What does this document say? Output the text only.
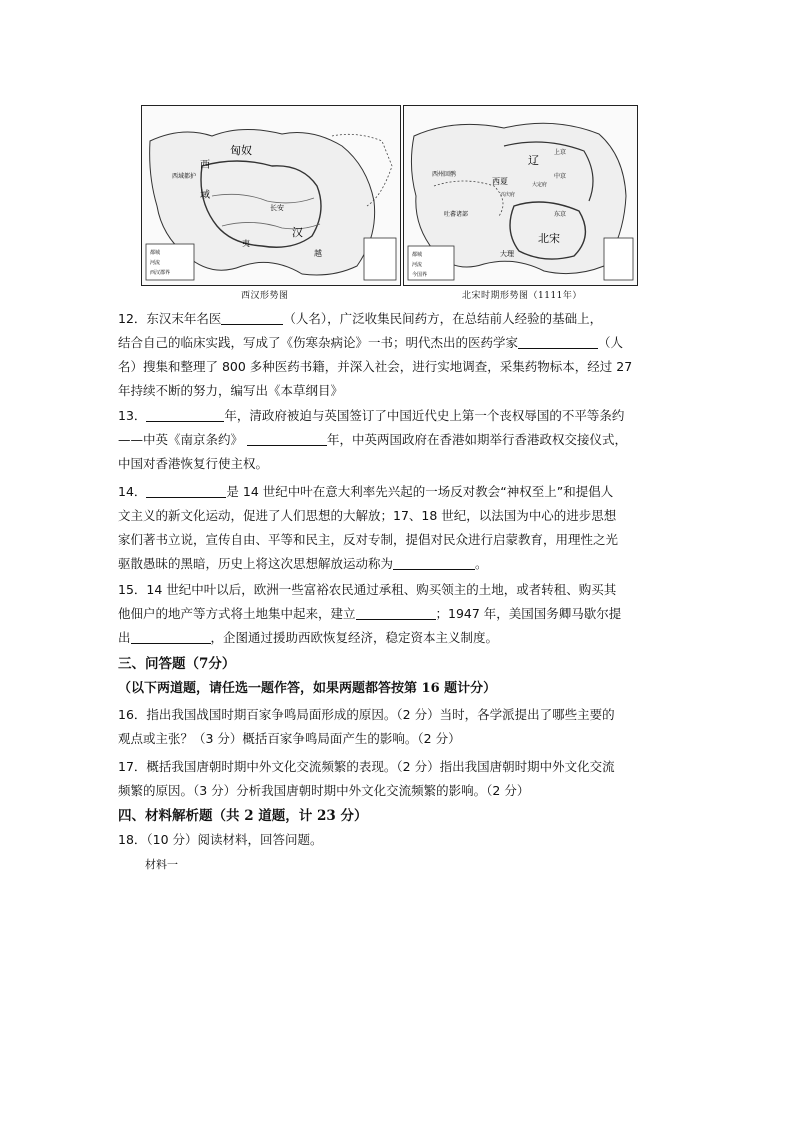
匈奴
西
域
西域都护
长安
汉
夷
越
都城
河流
西汉郡界
辽
上京
中京
大定府
西州回鹘
西夏
兴庆府
吐蕃诸部
北宋
大理
东京
都城
河流
今国界
西汉形势图	北宋时期形势图（1111年）
12．东汉末年名医	（人名），广泛收集民间药方，在总结前人经验的基础上，
结合自己的临床实践，写成了《伤寒杂病论》一书；明代杰出的医药学家	（人
名）搜集和整理了 800 多种医药书籍，并深入社会，进行实地调查，采集药物标本，经过 27
年持续不断的努力，编写出《本草纲目》
13．	年，清政府被迫与英国签订了中国近代史上第一个丧权辱国的不平等条约
——中英《南京条约》	年，中英两国政府在香港如期举行香港政权交接仪式，
中国对香港恢复行使主权。
14．	是 14 世纪中叶在意大利率先兴起的一场反对教会“神权至上”和提倡人
文主义的新文化运动，促进了人们思想的大解放；17、18 世纪，以法国为中心的进步思想
家们著书立说，宣传自由、平等和民主，反对专制，提倡对民众进行启蒙教育，用理性之光
驱散愚昧的黑暗，历史上将这次思想解放运动称为	。
15．14 世纪中叶以后，欧洲一些富裕农民通过承租、购买领主的土地，或者转租、购买其
他佃户的地产等方式将土地集中起来，建立	；1947 年，美国国务卿马歇尔提
出	，企图通过援助西欧恢复经济，稳定资本主义制度。
三、问答题（7分）
（以下两道题，请任选一题作答，如果两题都答按第 16 题计分）
16．指出我国战国时期百家争鸣局面形成的原因。（2 分）当时，各学派提出了哪些主要的
观点或主张？（3 分）概括百家争鸣局面产生的影响。（2 分）
17．概括我国唐朝时期中外文化交流频繁的表现。（2 分）指出我国唐朝时期中外文化交流
频繁的原因。（3 分）分析我国唐朝时期中外文化交流频繁的影响。（2 分）
四、材料解析题（共 2 道题，计 23 分）
18．（10 分）阅读材料，回答问题。
材料一
